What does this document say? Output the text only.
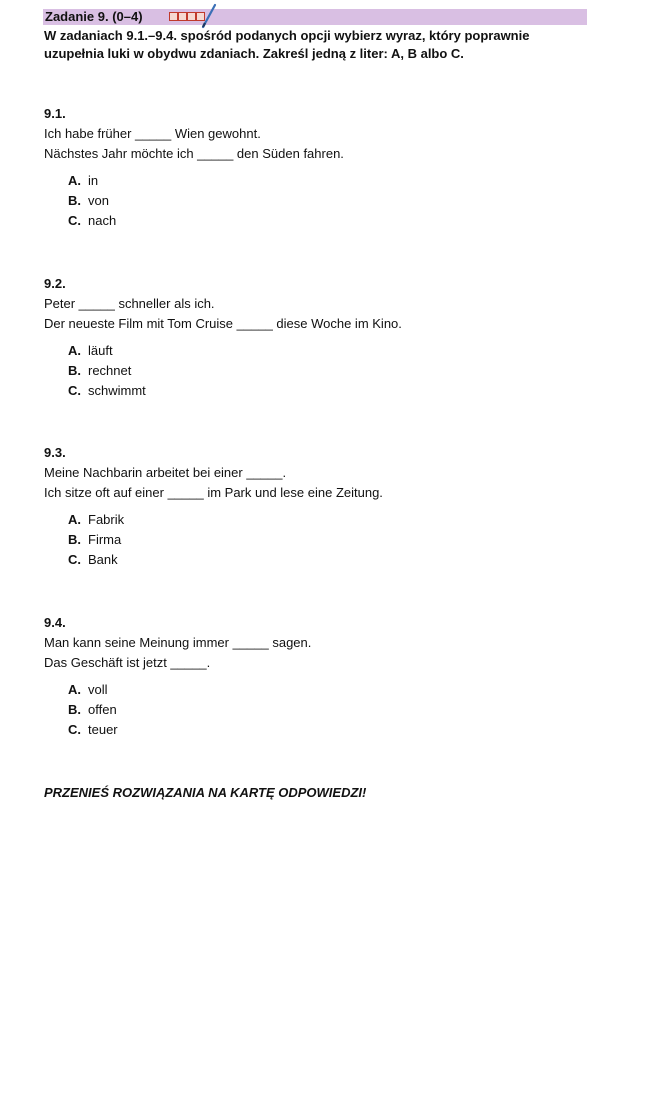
Zadanie 9. (0–4)
W zadaniach 9.1.–9.4. spośród podanych opcji wybierz wyraz, który poprawnie uzupełnia luki w obydwu zdaniach. Zakreśl jedną z liter: A, B albo C.
9.1.
Ich habe früher _____ Wien gewohnt.
Nächstes Jahr möchte ich _____ den Süden fahren.
A. in
B. von
C. nach
9.2.
Peter _____ schneller als ich.
Der neueste Film mit Tom Cruise _____ diese Woche im Kino.
A. läuft
B. rechnet
C. schwimmt
9.3.
Meine Nachbarin arbeitet bei einer _____.
Ich sitze oft auf einer _____ im Park und lese eine Zeitung.
A. Fabrik
B. Firma
C. Bank
9.4.
Man kann seine Meinung immer _____ sagen.
Das Geschäft ist jetzt _____.
A. voll
B. offen
C. teuer
PRZENIEŚ ROZWIĄZANIA NA KARTĘ ODPOWIEDZI!
